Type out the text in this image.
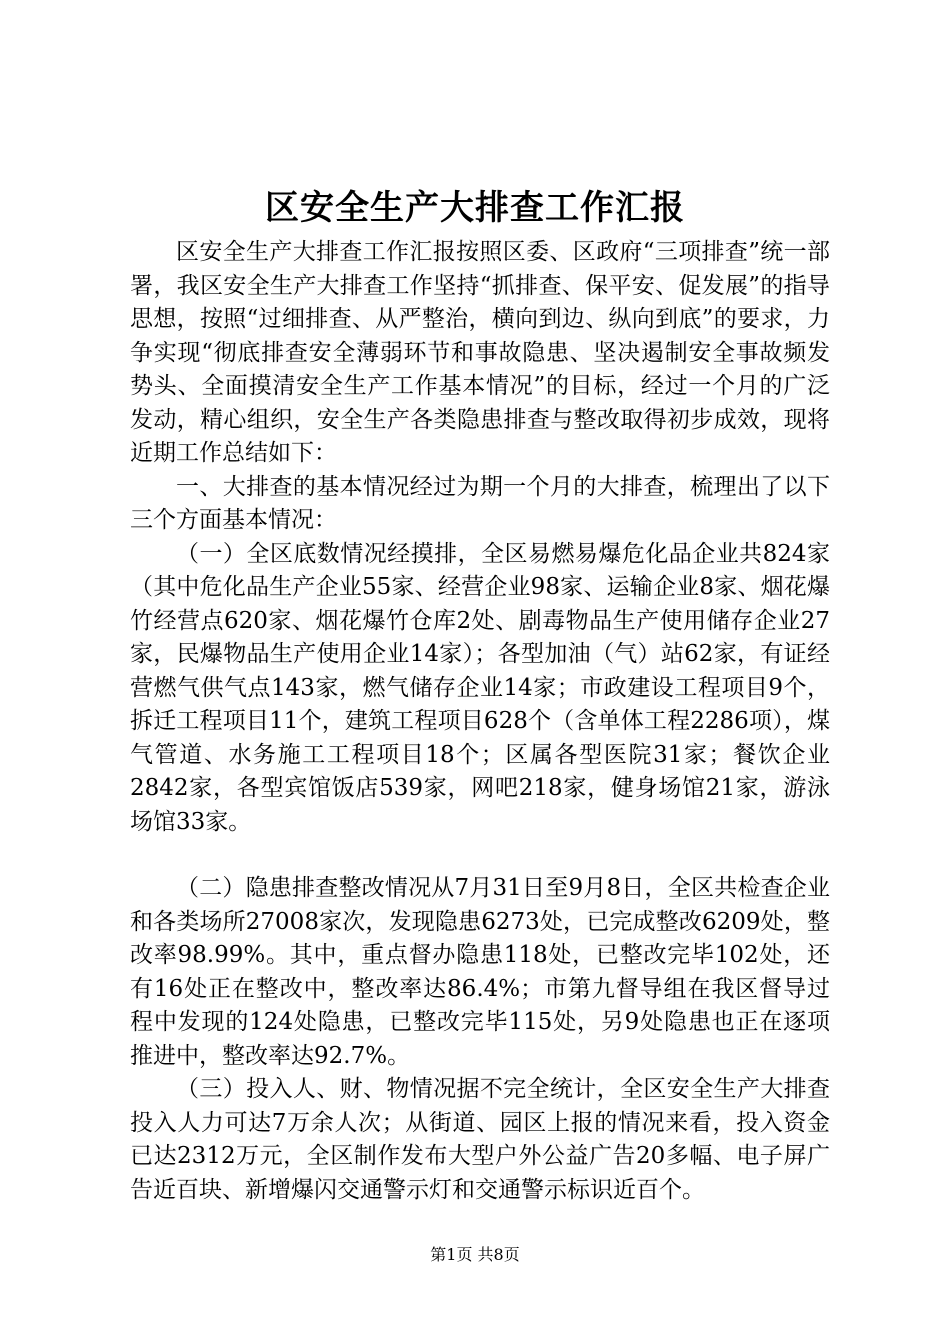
区安全生产大排查工作汇报

区安全生产大排查工作汇报按照区委、区政府“三项排查”统一部署，我区安全生产大排查工作坚持“抓排查、保平安、促发展”的指导思想，按照“过细排查、从严整治，横向到边、纵向到底”的要求，力争实现“彻底排查安全薄弱环节和事故隐患、坚决遏制安全事故频发势头、全面摸清安全生产工作基本情况”的目标，经过一个月的广泛发动，精心组织，安全生产各类隐患排查与整改取得初步成效，现将近期工作总结如下：

一、大排查的基本情况经过为期一个月的大排查，梳理出了以下三个方面基本情况：

（一）全区底数情况经摸排，全区易燃易爆危化品企业共824家（其中危化品生产企业55家、经营企业98家、运输企业8家、烟花爆竹经营点620家、烟花爆竹仓库2处、剧毒物品生产使用储存企业27家，民爆物品生产使用企业14家）；各型加油（气）站62家，有证经营燃气供气点143家，燃气储存企业14家；市政建设工程项目9个，拆迁工程项目11个，建筑工程项目628个（含单体工程2286项），煤气管道、水务施工工程项目18个；区属各型医院31家；餐饮企业2842家，各型宾馆饭店539家，网吧218家，健身场馆21家，游泳场馆33家。

（二）隐患排查整改情况从7月31日至9月8日，全区共检查企业和各类场所27008家次，发现隐患6273处，已完成整改6209处，整改率98.99%。其中，重点督办隐患118处，已整改完毕102处，还有16处正在整改中，整改率达86.4%；市第九督导组在我区督导过程中发现的124处隐患，已整改完毕115处，另9处隐患也正在逐项推进中，整改率达92.7%。

（三）投入人、财、物情况据不完全统计，全区安全生产大排查投入人力可达7万余人次；从街道、园区上报的情况来看，投入资金已达2312万元，全区制作发布大型户外公益广告20多幅、电子屏广告近百块、新增爆闪交通警示灯和交通警示标识近百个。

第1页 共8页
